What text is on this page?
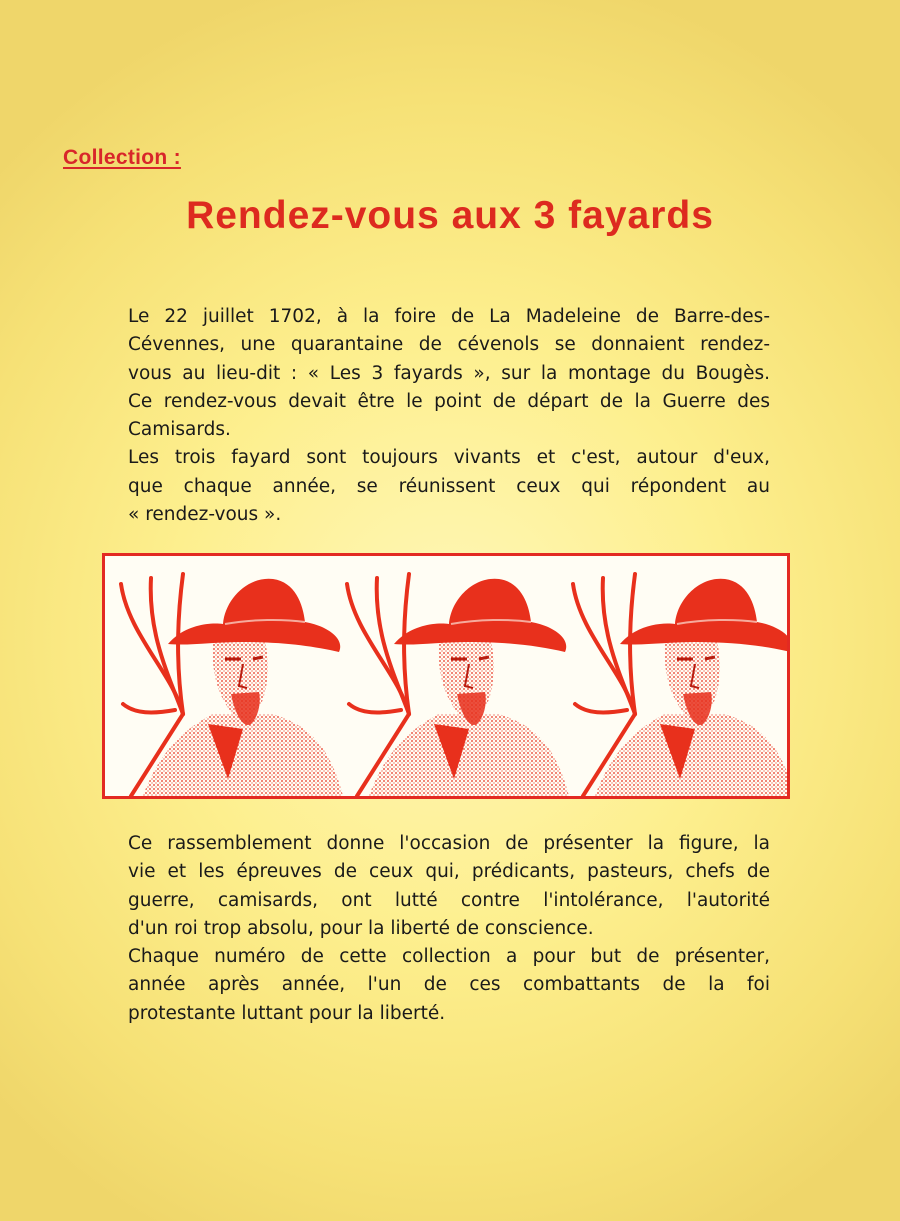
Collection :
Rendez-vous aux 3 fayards

Le 22 juillet 1702, à la foire de La Madeleine de Barre-des-
Cévennes, une quarantaine de cévenols se donnaient rendez-
vous au lieu-dit : « Les 3 fayards », sur la montage du Bougès.
Ce rendez-vous devait être le point de départ de la Guerre des
Camisards.
Les trois fayard sont toujours vivants et c'est, autour d'eux,
que chaque année, se réunissent ceux qui répondent au
« rendez-vous ».

Ce rassemblement donne l'occasion de présenter la figure, la
vie et les épreuves de ceux qui, prédicants, pasteurs, chefs de
guerre, camisards, ont lutté contre l'intolérance, l'autorité
d'un roi trop absolu, pour la liberté de conscience.
Chaque numéro de cette collection a pour but de présenter,
année après année, l'un de ces combattants de la foi
protestante luttant pour la liberté.
